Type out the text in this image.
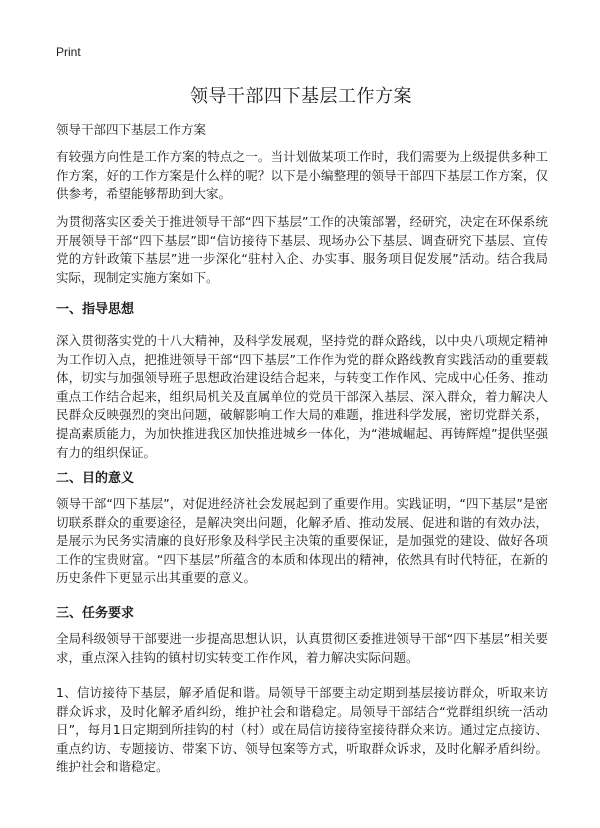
Print
领导干部四下基层工作方案

领导干部四下基层工作方案

有较强方向性是工作方案的特点之一。当计划做某项工作时，我们需要为上级提供多种工作方案，好的工作方案是什么样的呢？以下是小编整理的领导干部四下基层工作方案，仅供参考，希望能够帮助到大家。

为贯彻落实区委关于推进领导干部“四下基层”工作的决策部署，经研究，决定在环保系统开展领导干部“四下基层”即“信访接待下基层、现场办公下基层、调查研究下基层、宣传党的方针政策下基层”进一步深化“驻村入企、办实事、服务项目促发展”活动。结合我局实际，现制定实施方案如下。

一、指导思想

深入贯彻落实党的十八大精神，及科学发展观，坚持党的群众路线，以中央八项规定精神为工作切入点，把推进领导干部“四下基层”工作作为党的群众路线教育实践活动的重要载体，切实与加强领导班子思想政治建设结合起来，与转变工作作风、完成中心任务、推动重点工作结合起来，组织局机关及直属单位的党员干部深入基层、深入群众，着力解决人民群众反映强烈的突出问题，破解影响工作大局的难题，推进科学发展，密切党群关系，提高素质能力，为加快推进我区加快推进城乡一体化，为“港城崛起、再铸辉煌”提供坚强有力的组织保证。

二、目的意义

领导干部“四下基层”，对促进经济社会发展起到了重要作用。实践证明，“四下基层”是密切联系群众的重要途径，是解决突出问题，化解矛盾、推动发展、促进和谐的有效办法，是展示为民务实清廉的良好形象及科学民主决策的重要保证，是加强党的建设、做好各项工作的宝贵财富。“四下基层”所蕴含的本质和体现出的精神，依然具有时代特征，在新的历史条件下更显示出其重要的意义。

三、任务要求

全局科级领导干部要进一步提高思想认识，认真贯彻区委推进领导干部“四下基层”相关要求，重点深入挂钩的镇村切实转变工作作风，着力解决实际问题。

1、信访接待下基层，解矛盾促和谐。局领导干部要主动定期到基层接访群众，听取来访群众诉求，及时化解矛盾纠纷，维护社会和谐稳定。局领导干部结合“党群组织统一活动日”，每月1日定期到所挂钩的村（村）或在局信访接待室接待群众来访。通过定点接访、重点约访、专题接访、带案下访、领导包案等方式，听取群众诉求，及时化解矛盾纠纷。维护社会和谐稳定。
